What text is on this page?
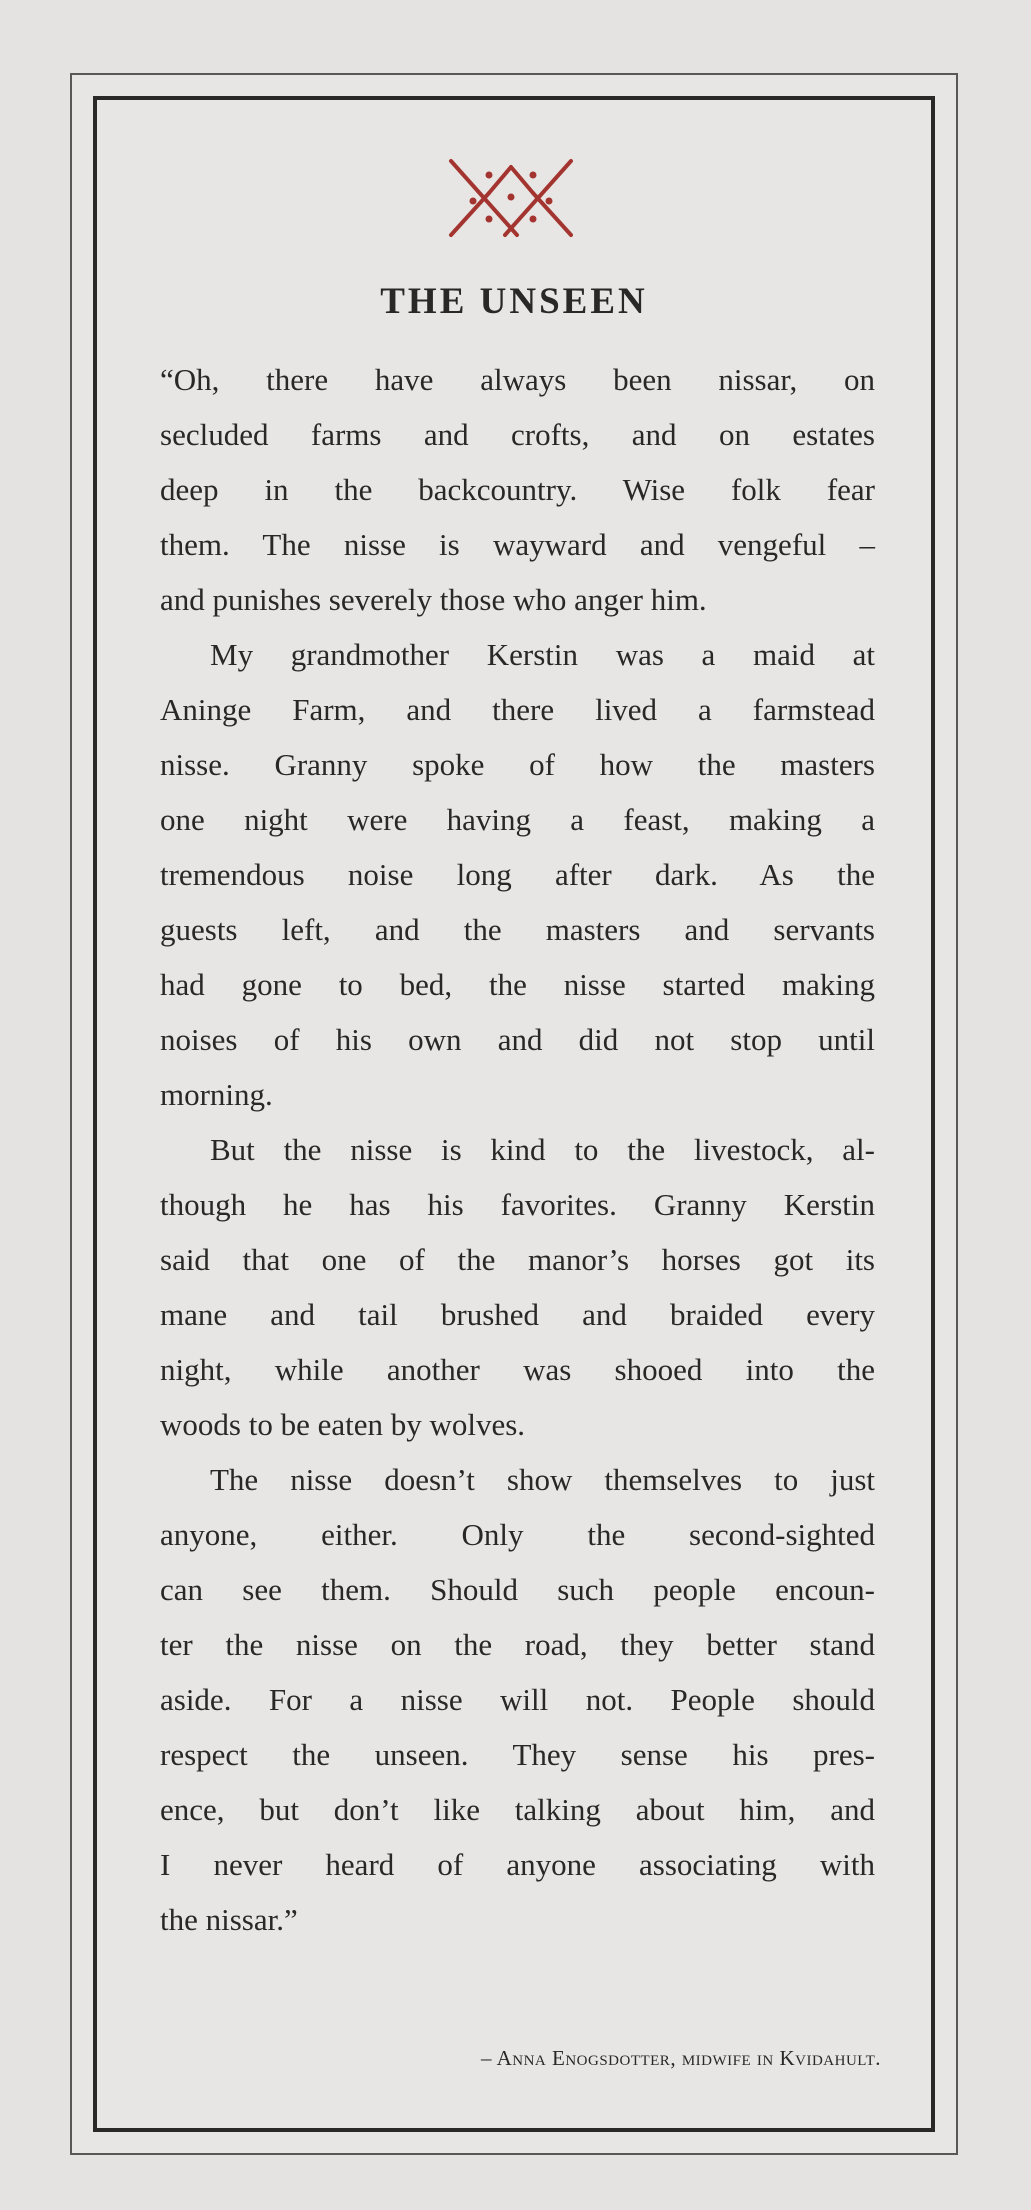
THE UNSEEN
“Oh, there have always been nissar, on
secluded farms and crofts, and on estates
deep in the backcountry. Wise folk fear
them. The nisse is wayward and vengeful –
and punishes severely those who anger him.
My grandmother Kerstin was a maid at
Aninge Farm, and there lived a farmstead
nisse. Granny spoke of how the masters
one night were having a feast, making a
tremendous noise long after dark. As the
guests left, and the masters and servants
had gone to bed, the nisse started making
noises of his own and did not stop until
morning.
But the nisse is kind to the livestock, al-
though he has his favorites. Granny Kerstin
said that one of the manor’s horses got its
mane and tail brushed and braided every
night, while another was shooed into the
woods to be eaten by wolves.
The nisse doesn’t show themselves to just
anyone, either. Only the second-sighted
can see them. Should such people encoun-
ter the nisse on the road, they better stand
aside. For a nisse will not. People should
respect the unseen. They sense his pres-
ence, but don’t like talking about him, and
I never heard of anyone associating with
the nissar.”
– Anna Enogsdotter, midwife in Kvidahult.
